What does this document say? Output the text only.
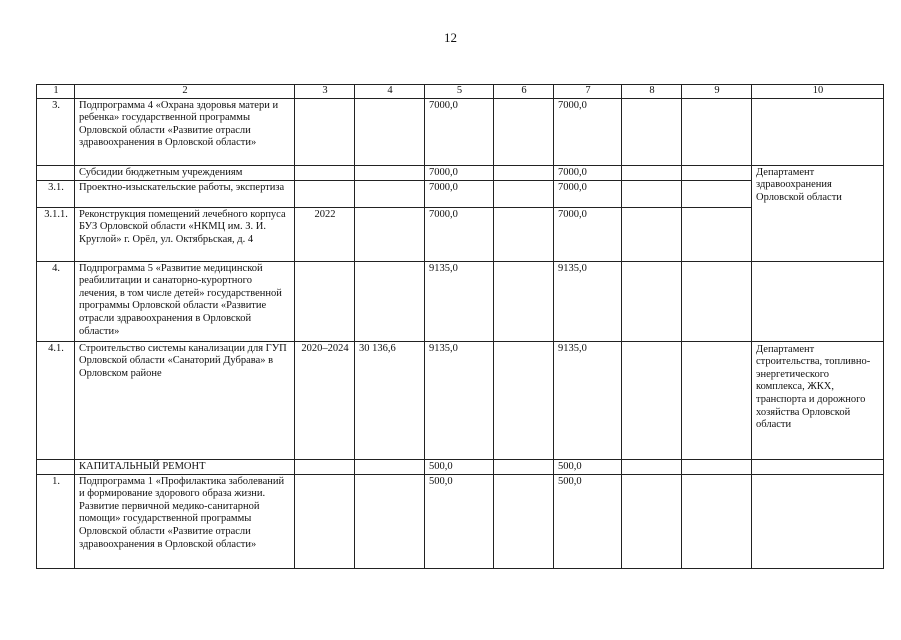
12
1	2	3	4	5	6	7	8	9	10
3.	Подпрограмма 4 «Охрана здоровья матери и ребенка» государственной программы Орловской области «Развитие отрасли здравоохранения в Орловской области»			7000,0		7000,0			
	Субсидии бюджетным учреждениям			7000,0		7000,0			Департамент здравоохранения Орловской области
3.1.	Проектно-изыскательские работы, экспертиза			7000,0		7000,0			
3.1.1.	Реконструкция помещений лечебного корпуса БУЗ Орловской области «НКМЦ им. З. И. Круглой» г. Орёл, ул. Октябрьская, д. 4	2022		7000,0		7000,0			
4.	Подпрограмма 5 «Развитие медицинской реабилитации и санаторно-курортного лечения, в том числе детей» государственной программы Орловской области «Развитие отрасли здравоохранения в Орловской области»			9135,0		9135,0			
4.1.	Строительство системы канализации для ГУП Орловской области «Санаторий Дубрава» в Орловском районе	2020–2024	30 136,6	9135,0		9135,0			Департамент строительства, топливно-энергетического комплекса, ЖКХ, транспорта и дорожного хозяйства Орловской области
	КАПИТАЛЬНЫЙ РЕМОНТ			500,0		500,0			
1.	Подпрограмма 1 «Профилактика заболеваний и формирование здорового образа жизни. Развитие первичной медико-санитарной помощи» государственной программы Орловской области «Развитие отрасли здравоохранения в Орловской области»			500,0		500,0			
